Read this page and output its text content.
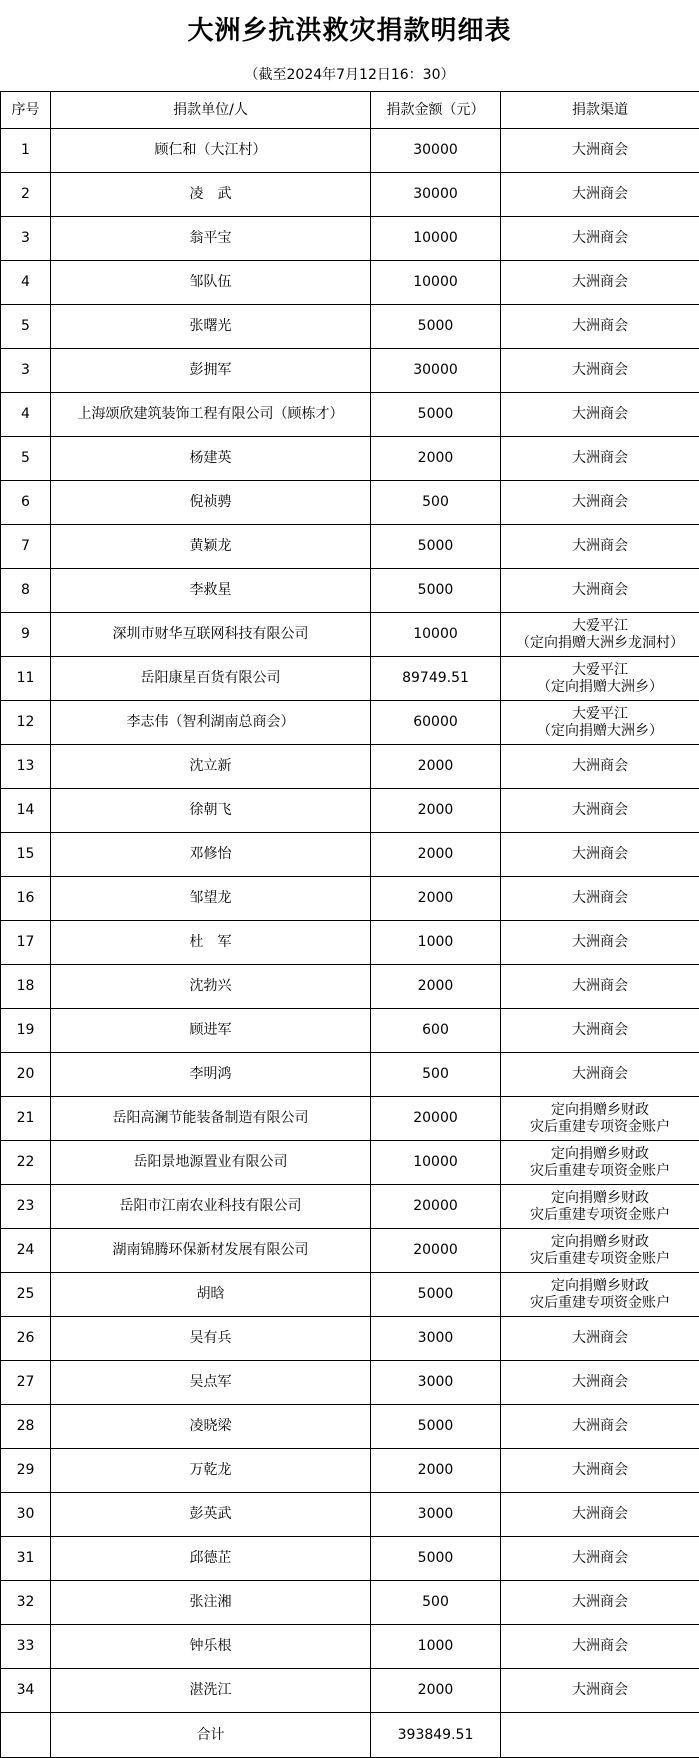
大洲乡抗洪救灾捐款明细表
（截至2024年7月12日16：30）
序号	捐款单位/人	捐款金额（元）	捐款渠道
1	顾仁和（大江村）	30000	大洲商会

2	凌　武	30000	大洲商会

3	翁平宝	10000	大洲商会

4	邹队伍	10000	大洲商会

5	张曙光	5000	大洲商会

3	彭拥军	30000	大洲商会

4	上海颂欣建筑装饰工程有限公司（顾栋才）	5000	大洲商会

5	杨建英	2000	大洲商会

6	倪祯骋	500	大洲商会

7	黄颖龙	5000	大洲商会

8	李救星	5000	大洲商会

9	深圳市财华互联网科技有限公司	10000	大爱平江
（定向捐赠大洲乡龙洞村）

11	岳阳康星百货有限公司	89749.51	大爱平江
（定向捐赠大洲乡）

12	李志伟（智利湖南总商会）	60000	大爱平江
（定向捐赠大洲乡）

13	沈立新	2000	大洲商会

14	徐朝飞	2000	大洲商会

15	邓修怡	2000	大洲商会

16	邹望龙	2000	大洲商会

17	杜　军	1000	大洲商会

18	沈勃兴	2000	大洲商会

19	顾进军	600	大洲商会

20	李明鸿	500	大洲商会

21	岳阳高澜节能装备制造有限公司	20000	定向捐赠乡财政
灾后重建专项资金账户

22	岳阳景地源置业有限公司	10000	定向捐赠乡财政
灾后重建专项资金账户

23	岳阳市江南农业科技有限公司	20000	定向捐赠乡财政
灾后重建专项资金账户

24	湖南锦腾环保新材发展有限公司	20000	定向捐赠乡财政
灾后重建专项资金账户

25	胡晗	5000	定向捐赠乡财政
灾后重建专项资金账户

26	吴有兵	3000	大洲商会

27	吴点军	3000	大洲商会

28	凌晓梁	5000	大洲商会

29	万乾龙	2000	大洲商会

30	彭英武	3000	大洲商会

31	邱德芷	5000	大洲商会

32	张注湘	500	大洲商会

33	钟乐根	1000	大洲商会

34	湛洗江	2000	大洲商会

	合计	393849.51	
